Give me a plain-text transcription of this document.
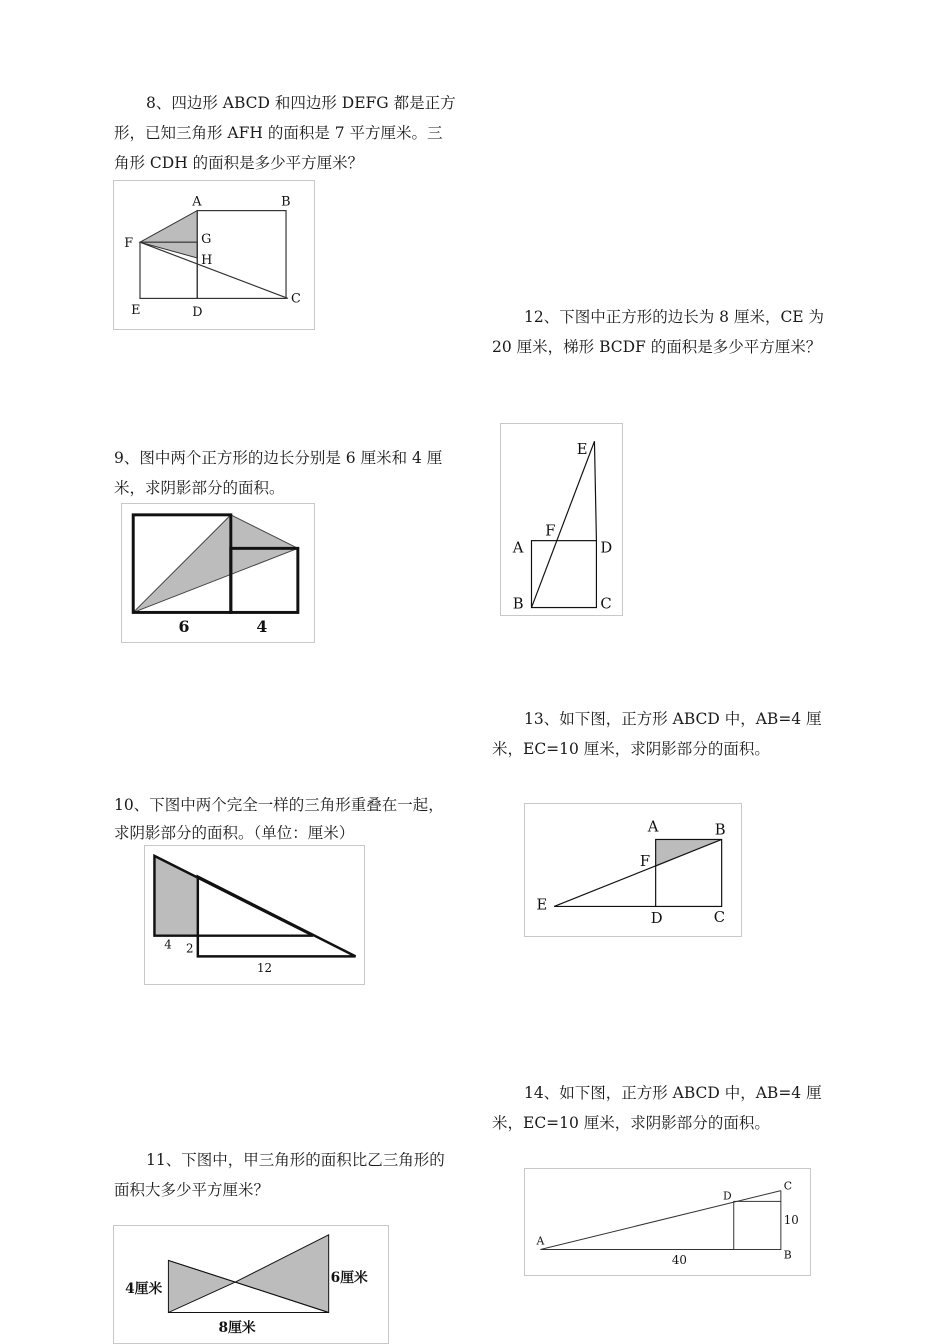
8、四边形 ABCD 和四边形 DEFG 都是正方
形，已知三角形 AFH 的面积是 7 平方厘米。三
角形 CDH 的面积是多少平方厘米？
A	B
C
D
E
F	G
H
9、图中两个正方形的边长分别是 6 厘米和 4 厘
米，求阴影部分的面积。
6	4
10、下图中两个完全一样的三角形重叠在一起，
求阴影部分的面积。（单位：厘米）
4 2
12
11、下图中，甲三角形的面积比乙三角形的
面积大多少平方厘米？
4厘米
6厘米
8厘米
12、下图中正方形的边长为 8 厘米，CE 为
20 厘米，梯形 BCDF 的面积是多少平方厘米？
E
F
A	D
B	C
13、如下图，正方形 ABCD 中，AB=4 厘
米，EC=10 厘米，求阴影部分的面积。
A	B
F
E
D	C
14、如下图，正方形 ABCD 中，AB=4 厘
米，EC=10 厘米，求阴影部分的面积。
A
D
C
B
10
40
